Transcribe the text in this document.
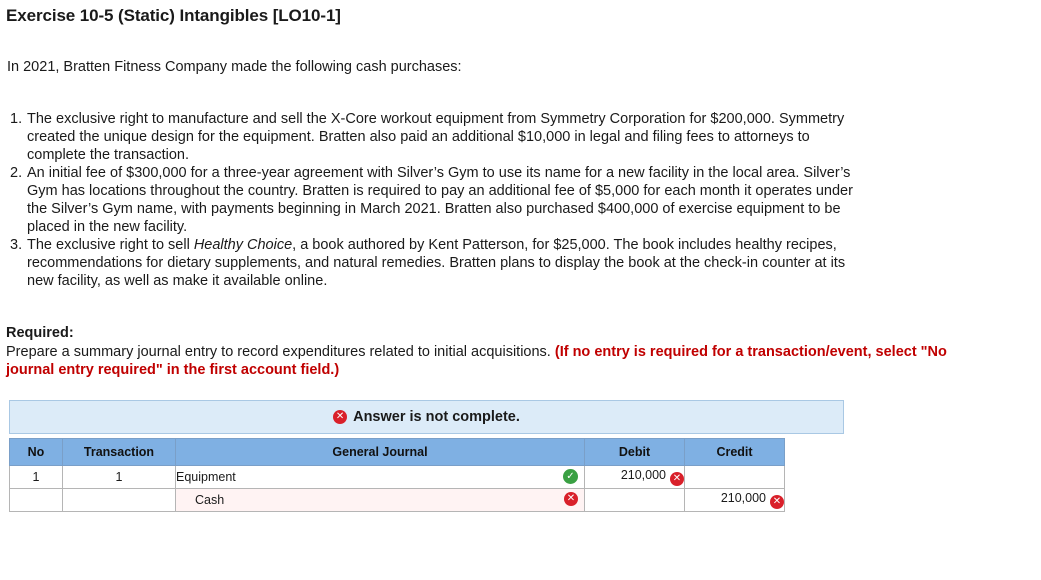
Exercise 10-5 (Static) Intangibles [LO10-1]

In 2021, Bratten Fitness Company made the following cash purchases:

1. The exclusive right to manufacture and sell the X-Core workout equipment from Symmetry Corporation for $200,000. Symmetry
created the unique design for the equipment. Bratten also paid an additional $10,000 in legal and filing fees to attorneys to
complete the transaction.
2. An initial fee of $300,000 for a three-year agreement with Silver’s Gym to use its name for a new facility in the local area. Silver’s
Gym has locations throughout the country. Bratten is required to pay an additional fee of $5,000 for each month it operates under
the Silver’s Gym name, with payments beginning in March 2021. Bratten also purchased $400,000 of exercise equipment to be
placed in the new facility.
3. The exclusive right to sell Healthy Choice, a book authored by Kent Patterson, for $25,000. The book includes healthy recipes,
recommendations for dietary supplements, and natural remedies. Bratten plans to display the book at the check-in counter at its
new facility, as well as make it available online.

Required:

Prepare a summary journal entry to record expenditures related to initial acquisitions. (If no entry is required for a transaction/event, select "No journal entry required" in the first account field.)

✕ Answer is not complete.
No	Transaction	General Journal	Debit	Credit
1	1	Equipment ✓	210,000 ✕	
		Cash ✕		210,000 ✕
